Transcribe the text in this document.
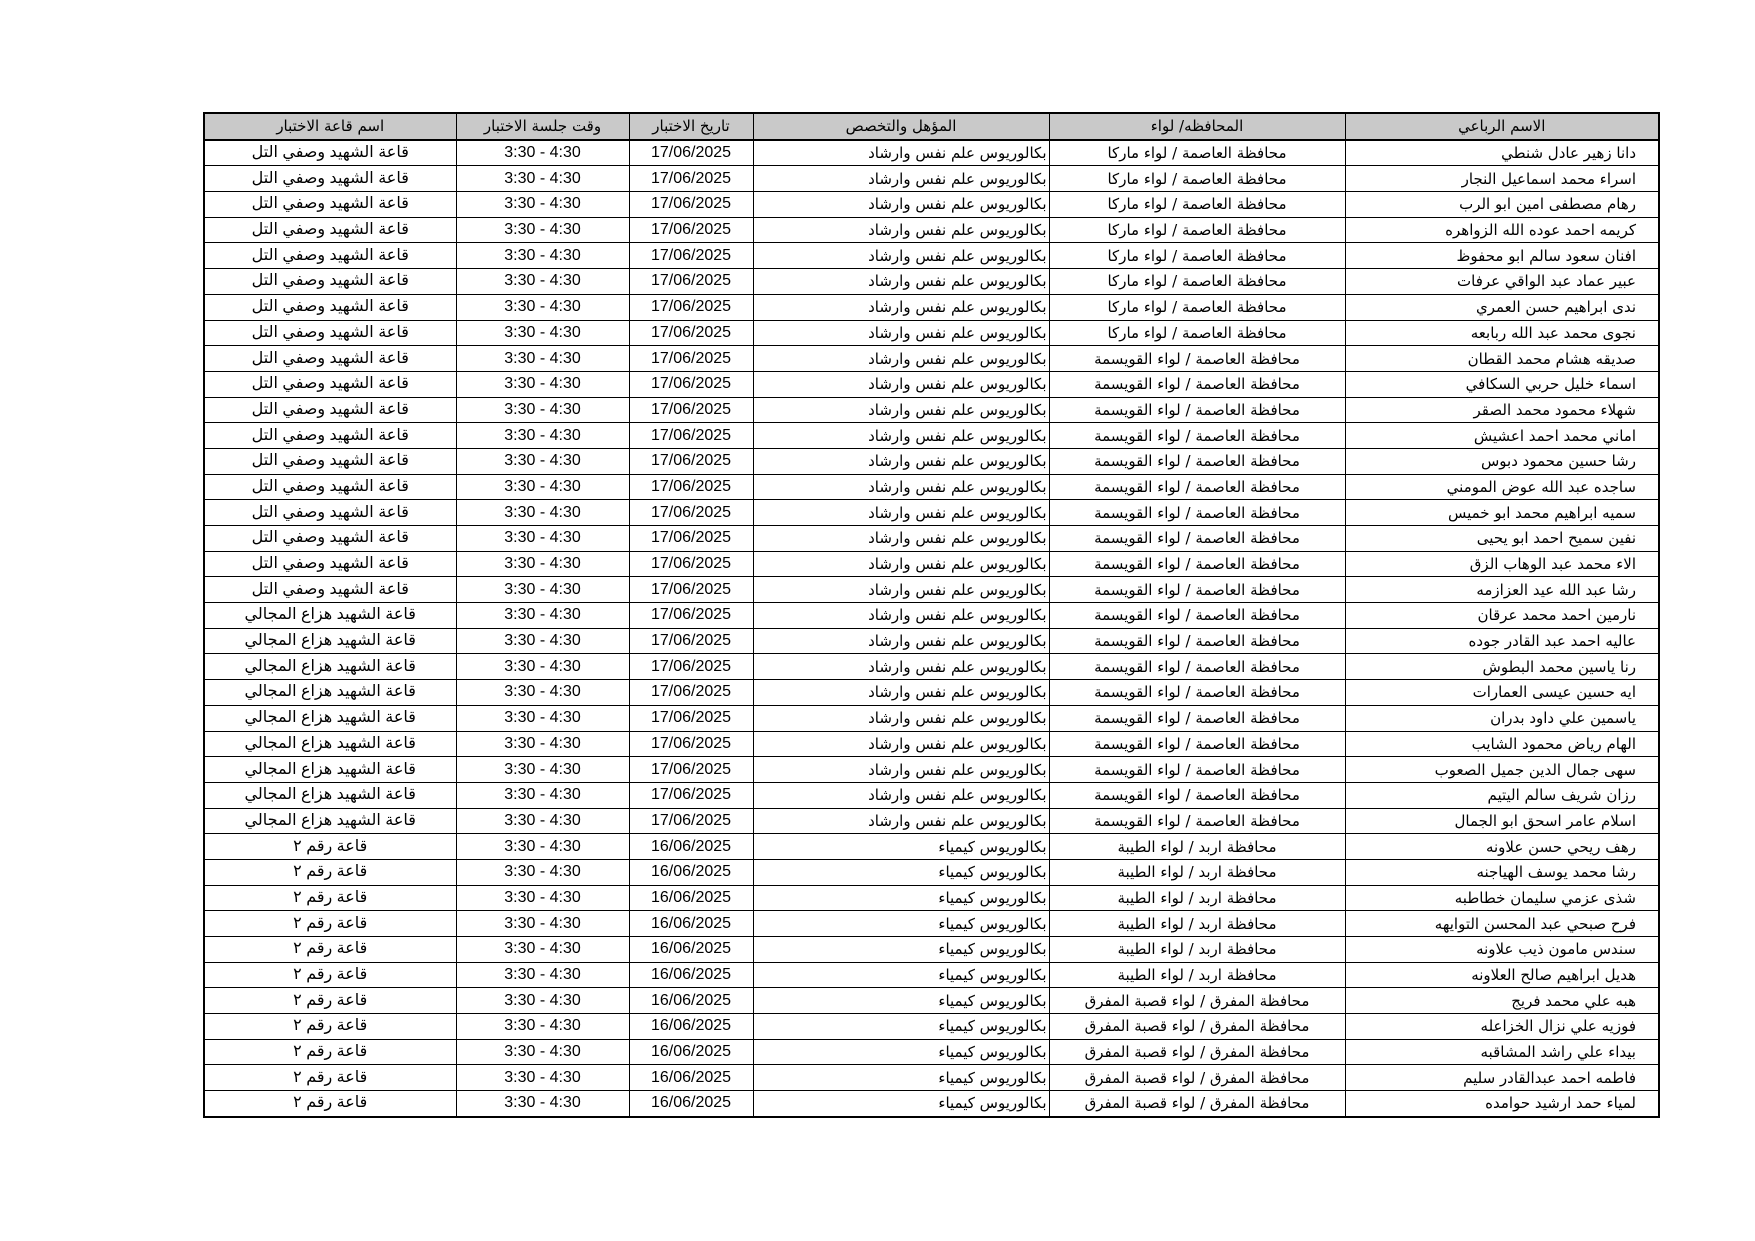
الاسم الرباعي	المحافظه/ لواء	المؤهل والتخصص	تاريخ الاختبار	وقت جلسة الاختبار	اسم قاعة الاختبار
دانا زهير عادل شنطي	محافظة العاصمة / لواء ماركا	بكالوريوس علم نفس وارشاد	17/06/2025	3:30 - 4:30	قاعة الشهيد وصفي التل
اسراء محمد اسماعيل النجار	محافظة العاصمة / لواء ماركا	بكالوريوس علم نفس وارشاد	17/06/2025	3:30 - 4:30	قاعة الشهيد وصفي التل
رهام مصطفى امين ابو الرب	محافظة العاصمة / لواء ماركا	بكالوريوس علم نفس وارشاد	17/06/2025	3:30 - 4:30	قاعة الشهيد وصفي التل
كريمه احمد عوده الله الزواهره	محافظة العاصمة / لواء ماركا	بكالوريوس علم نفس وارشاد	17/06/2025	3:30 - 4:30	قاعة الشهيد وصفي التل
افنان سعود سالم ابو محفوظ	محافظة العاصمة / لواء ماركا	بكالوريوس علم نفس وارشاد	17/06/2025	3:30 - 4:30	قاعة الشهيد وصفي التل
عبير عماد عبد الواقي عرفات	محافظة العاصمة / لواء ماركا	بكالوريوس علم نفس وارشاد	17/06/2025	3:30 - 4:30	قاعة الشهيد وصفي التل
ندى ابراهيم حسن العمري	محافظة العاصمة / لواء ماركا	بكالوريوس علم نفس وارشاد	17/06/2025	3:30 - 4:30	قاعة الشهيد وصفي التل
نجوى محمد عبد الله ربابعه	محافظة العاصمة / لواء ماركا	بكالوريوس علم نفس وارشاد	17/06/2025	3:30 - 4:30	قاعة الشهيد وصفي التل
صديقه هشام محمد القطان	محافظة العاصمة / لواء القويسمة	بكالوريوس علم نفس وارشاد	17/06/2025	3:30 - 4:30	قاعة الشهيد وصفي التل
اسماء خليل حربي السكافي	محافظة العاصمة / لواء القويسمة	بكالوريوس علم نفس وارشاد	17/06/2025	3:30 - 4:30	قاعة الشهيد وصفي التل
شهلاء محمود محمد الصقر	محافظة العاصمة / لواء القويسمة	بكالوريوس علم نفس وارشاد	17/06/2025	3:30 - 4:30	قاعة الشهيد وصفي التل
اماني محمد احمد اعشيش	محافظة العاصمة / لواء القويسمة	بكالوريوس علم نفس وارشاد	17/06/2025	3:30 - 4:30	قاعة الشهيد وصفي التل
رشا حسين محمود دبوس	محافظة العاصمة / لواء القويسمة	بكالوريوس علم نفس وارشاد	17/06/2025	3:30 - 4:30	قاعة الشهيد وصفي التل
ساجده عبد الله عوض المومني	محافظة العاصمة / لواء القويسمة	بكالوريوس علم نفس وارشاد	17/06/2025	3:30 - 4:30	قاعة الشهيد وصفي التل
سميه ابراهيم محمد ابو خميس	محافظة العاصمة / لواء القويسمة	بكالوريوس علم نفس وارشاد	17/06/2025	3:30 - 4:30	قاعة الشهيد وصفي التل
نفين سميح احمد ابو يحيى	محافظة العاصمة / لواء القويسمة	بكالوريوس علم نفس وارشاد	17/06/2025	3:30 - 4:30	قاعة الشهيد وصفي التل
الاء محمد عبد الوهاب الزق	محافظة العاصمة / لواء القويسمة	بكالوريوس علم نفس وارشاد	17/06/2025	3:30 - 4:30	قاعة الشهيد وصفي التل
رشا عبد الله عيد العزازمه	محافظة العاصمة / لواء القويسمة	بكالوريوس علم نفس وارشاد	17/06/2025	3:30 - 4:30	قاعة الشهيد وصفي التل
نارمين احمد محمد عرقان	محافظة العاصمة / لواء القويسمة	بكالوريوس علم نفس وارشاد	17/06/2025	3:30 - 4:30	قاعة الشهيد هزاع المجالي
عاليه احمد عبد القادر جوده	محافظة العاصمة / لواء القويسمة	بكالوريوس علم نفس وارشاد	17/06/2025	3:30 - 4:30	قاعة الشهيد هزاع المجالي
رنا ياسين محمد البطوش	محافظة العاصمة / لواء القويسمة	بكالوريوس علم نفس وارشاد	17/06/2025	3:30 - 4:30	قاعة الشهيد هزاع المجالي
ايه حسين عيسى العمارات	محافظة العاصمة / لواء القويسمة	بكالوريوس علم نفس وارشاد	17/06/2025	3:30 - 4:30	قاعة الشهيد هزاع المجالي
ياسمين علي داود بدران	محافظة العاصمة / لواء القويسمة	بكالوريوس علم نفس وارشاد	17/06/2025	3:30 - 4:30	قاعة الشهيد هزاع المجالي
الهام رياض محمود الشايب	محافظة العاصمة / لواء القويسمة	بكالوريوس علم نفس وارشاد	17/06/2025	3:30 - 4:30	قاعة الشهيد هزاع المجالي
سهى جمال الدين جميل الصعوب	محافظة العاصمة / لواء القويسمة	بكالوريوس علم نفس وارشاد	17/06/2025	3:30 - 4:30	قاعة الشهيد هزاع المجالي
رزان شريف سالم اليتيم	محافظة العاصمة / لواء القويسمة	بكالوريوس علم نفس وارشاد	17/06/2025	3:30 - 4:30	قاعة الشهيد هزاع المجالي
اسلام عامر اسحق ابو الجمال	محافظة العاصمة / لواء القويسمة	بكالوريوس علم نفس وارشاد	17/06/2025	3:30 - 4:30	قاعة الشهيد هزاع المجالي
رهف ريحي حسن علاونه	محافظة اربد / لواء الطيبة	بكالوريوس كيمياء	16/06/2025	3:30 - 4:30	قاعة رقم ٢
رشا محمد يوسف الهياجنه	محافظة اربد / لواء الطيبة	بكالوريوس كيمياء	16/06/2025	3:30 - 4:30	قاعة رقم ٢
شذى عزمي سليمان خطاطبه	محافظة اربد / لواء الطيبة	بكالوريوس كيمياء	16/06/2025	3:30 - 4:30	قاعة رقم ٢
فرح صبحي عبد المحسن التوايهه	محافظة اربد / لواء الطيبة	بكالوريوس كيمياء	16/06/2025	3:30 - 4:30	قاعة رقم ٢
سندس مامون ذيب علاونه	محافظة اربد / لواء الطيبة	بكالوريوس كيمياء	16/06/2025	3:30 - 4:30	قاعة رقم ٢
هديل ابراهيم صالح العلاونه	محافظة اربد / لواء الطيبة	بكالوريوس كيمياء	16/06/2025	3:30 - 4:30	قاعة رقم ٢
هبه علي محمد فريج	محافظة المفرق / لواء قصبة المفرق	بكالوريوس كيمياء	16/06/2025	3:30 - 4:30	قاعة رقم ٢
فوزيه علي نزال الخزاعله	محافظة المفرق / لواء قصبة المفرق	بكالوريوس كيمياء	16/06/2025	3:30 - 4:30	قاعة رقم ٢
بيداء علي راشد المشاقبه	محافظة المفرق / لواء قصبة المفرق	بكالوريوس كيمياء	16/06/2025	3:30 - 4:30	قاعة رقم ٢
فاطمه احمد عبدالقادر سليم	محافظة المفرق / لواء قصبة المفرق	بكالوريوس كيمياء	16/06/2025	3:30 - 4:30	قاعة رقم ٢
لمياء حمد ارشيد حوامده	محافظة المفرق / لواء قصبة المفرق	بكالوريوس كيمياء	16/06/2025	3:30 - 4:30	قاعة رقم ٢
